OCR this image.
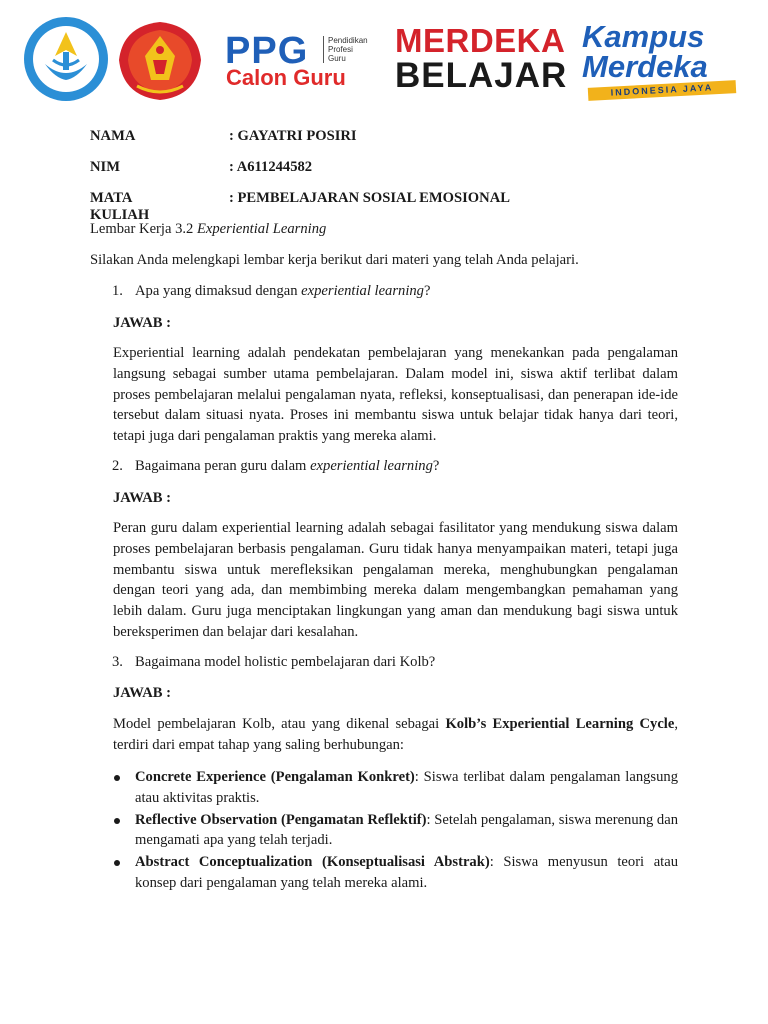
PPG Pendidikan
Profesi
Guru
Calon Guru
MERDEKA
BELAJAR
Kampus
Merdeka
INDONESIA JAYA
NAMA	: GAYATRI POSIRI
NIM	: A611244582
MATA KULIAH
: PEMBELAJARAN SOSIAL EMOSIONAL
Lembar Kerja 3.2 Experiential Learning
Silakan Anda melengkapi lembar kerja berikut dari materi yang telah Anda pelajari.
1. Apa yang dimaksud dengan experiential learning?
JAWAB :
Experiential learning adalah pendekatan pembelajaran yang menekankan pada pengalaman langsung sebagai sumber utama pembelajaran. Dalam model ini, siswa aktif terlibat dalam proses pembelajaran melalui pengalaman nyata, refleksi, konseptualisasi, dan penerapan ide-ide tersebut dalam situasi nyata. Proses ini membantu siswa untuk belajar tidak hanya dari teori, tetapi juga dari pengalaman praktis yang mereka alami.
2. Bagaimana peran guru dalam experiential learning?
JAWAB :
Peran guru dalam experiential learning adalah sebagai fasilitator yang mendukung siswa dalam proses pembelajaran berbasis pengalaman. Guru tidak hanya menyampaikan materi, tetapi juga membantu siswa untuk merefleksikan pengalaman mereka, menghubungkan pengalaman dengan teori yang ada, dan membimbing mereka dalam mengembangkan pemahaman yang lebih dalam. Guru juga menciptakan lingkungan yang aman dan mendukung bagi siswa untuk bereksperimen dan belajar dari kesalahan.
3. Bagaimana model holistic pembelajaran dari Kolb?
JAWAB :
Model pembelajaran Kolb, atau yang dikenal sebagai Kolb’s Experiential Learning Cycle, terdiri dari empat tahap yang saling berhubungan:
Concrete Experience (Pengalaman Konkret): Siswa terlibat dalam pengalaman langsung atau aktivitas praktis.
Reflective Observation (Pengamatan Reflektif): Setelah pengalaman, siswa merenung dan mengamati apa yang telah terjadi.
Abstract Conceptualization (Konseptualisasi Abstrak): Siswa menyusun teori atau konsep dari pengalaman yang telah mereka alami.
